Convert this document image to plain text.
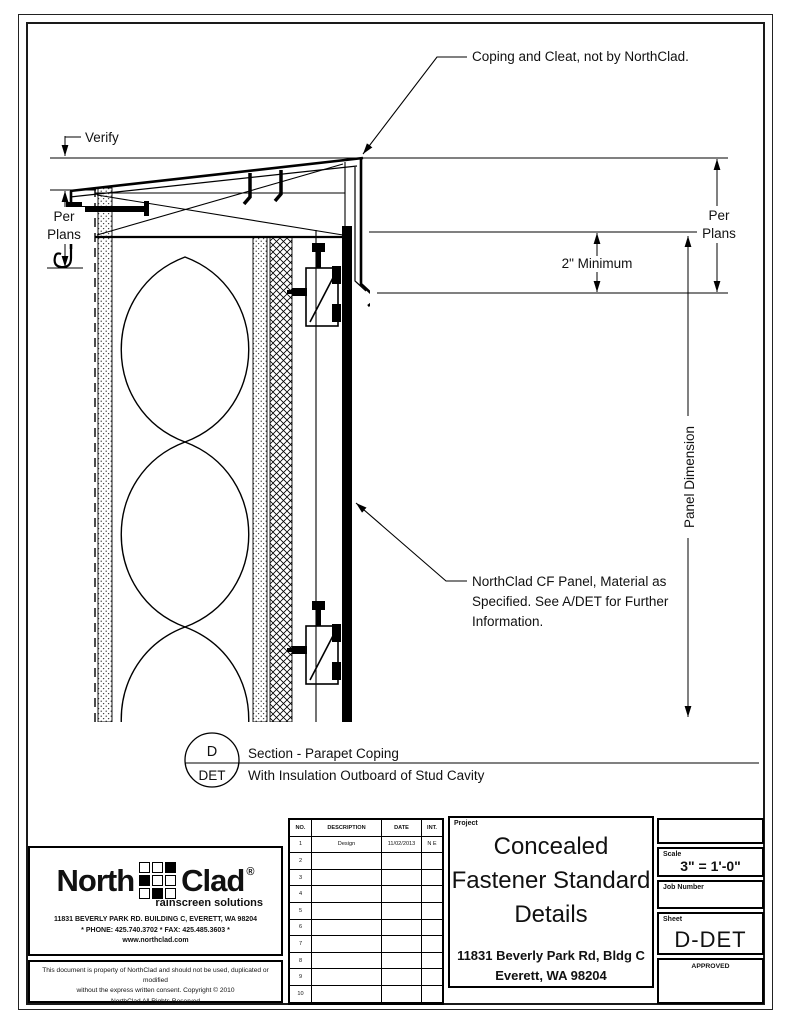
Coping and Cleat, not by NorthClad.
Verify
Per
Plans
Per
Plans
2" Minimum
Panel Dimension
NorthClad CF Panel, Material as
Specified. See A/DET for Further
Information.
D
DET
Section - Parapet Coping
With Insulation Outboard of Stud Cavity
North Clad ®
rainscreen solutions
11831 BEVERLY PARK RD. BUILDING C, EVERETT, WA 98204
* PHONE: 425.740.3702 * FAX: 425.485.3603 *
www.northclad.com
This document is property of NorthClad and should not be used, duplicated or modified
without the express written consent. Copyright © 2010
NorthClad All Rights Reserved
NO.	DESCRIPTION	DATE	INT.
1	Design	11/02/2013	N E
2
3
4
5
6
7
8
9
10
Project
Concealed
Fastener Standard
Details
11831 Beverly Park Rd, Bldg C
Everett, WA 98204
Scale
3" = 1'-0"
Job Number
Sheet
D-DET
APPROVED
